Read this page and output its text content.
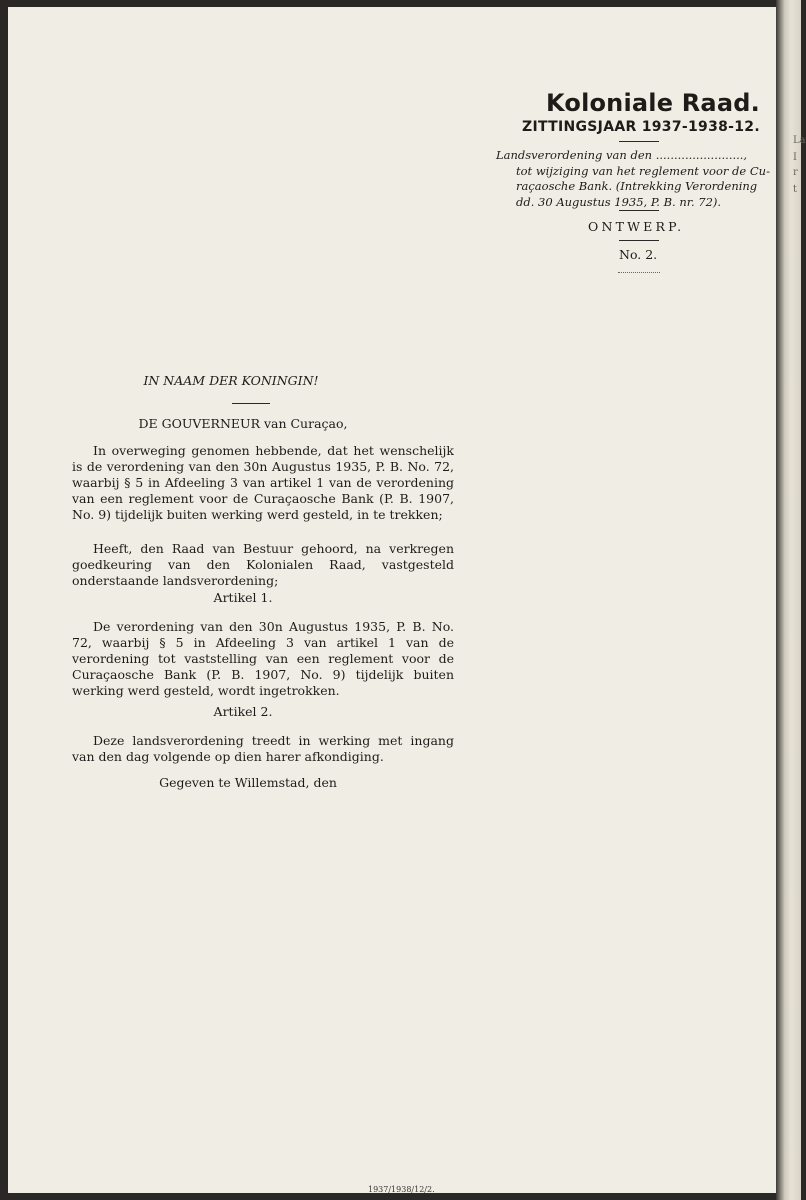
Koloniale Raad.
ZITTINGSJAAR 1937-1938-12.
Landsverordening van den ........................,
tot wijziging van het reglement voor de Cu-
raçaosche Bank. (Intrekking Verordening
dd. 30 Augustus 1935, P. B. nr. 72).
ONTWERP.
No. 2.
IN NAAM DER KONINGIN!
DE GOUVERNEUR van Curaçao,
In overweging genomen hebbende, dat het wenschelijk is de verordening van den 30n Augustus 1935, P. B. No. 72, waarbij § 5 in Afdeeling 3 van artikel 1 van de verordening van een reglement voor de Curaçaosche Bank (P. B. 1907, No. 9) tijdelijk buiten werking werd gesteld, in te trekken;
Heeft, den Raad van Bestuur gehoord, na verkregen goedkeuring van den Kolonialen Raad, vastgesteld onderstaande landsverordening;
Artikel 1.
De verordening van den 30n Augustus 1935, P. B. No. 72, waarbij § 5 in Afdeeling 3 van artikel 1 van de verordening tot vaststelling van een reglement voor de Curaçaosche Bank (P. B. 1907, No. 9) tijdelijk buiten werking werd gesteld, wordt ingetrokken.
Artikel 2.
Deze landsverordening treedt in werking met ingang van den dag volgende op dien harer afkondiging.
Gegeven te Willemstad, den
1937/1938/12/2.
La
I
r
t
